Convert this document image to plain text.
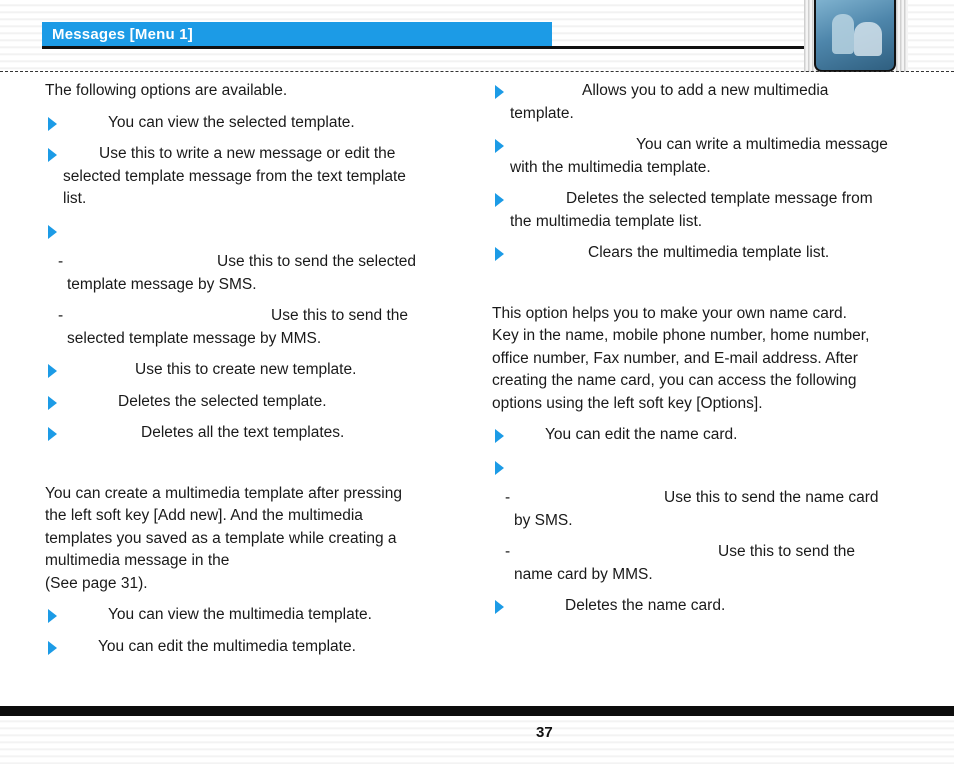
Messages [Menu 1]

The following options are available.

You can view the selected template.
Use this to write a new message or edit the selected template message from the text template list.

-	Use this to send the selected template message by SMS.
-	Use this to send the selected template message by MMS.
Use this to create new template.
Deletes the selected template.
Deletes all the text templates.
You can create a multimedia template after pressing
the left soft key [Add new]. And the multimedia
templates you saved as a template while creating a
multimedia message in the
(See page 31).
You can view the multimedia template.
You can edit the multimedia template.
Allows you to add a new multimedia template.
You can write a multimedia message with the multimedia template.
Deletes the selected template message from the multimedia template list.
Clears the multimedia template list.
This option helps you to make your own name card.
Key in the name, mobile phone number, home number,
office number, Fax number, and E-mail address. After
creating the name card, you can access the following
options using the left soft key [Options].
You can edit the name card.

-	Use this to send the name card by SMS.
-	Use this to send the name card by MMS.
Deletes the name card.
37
